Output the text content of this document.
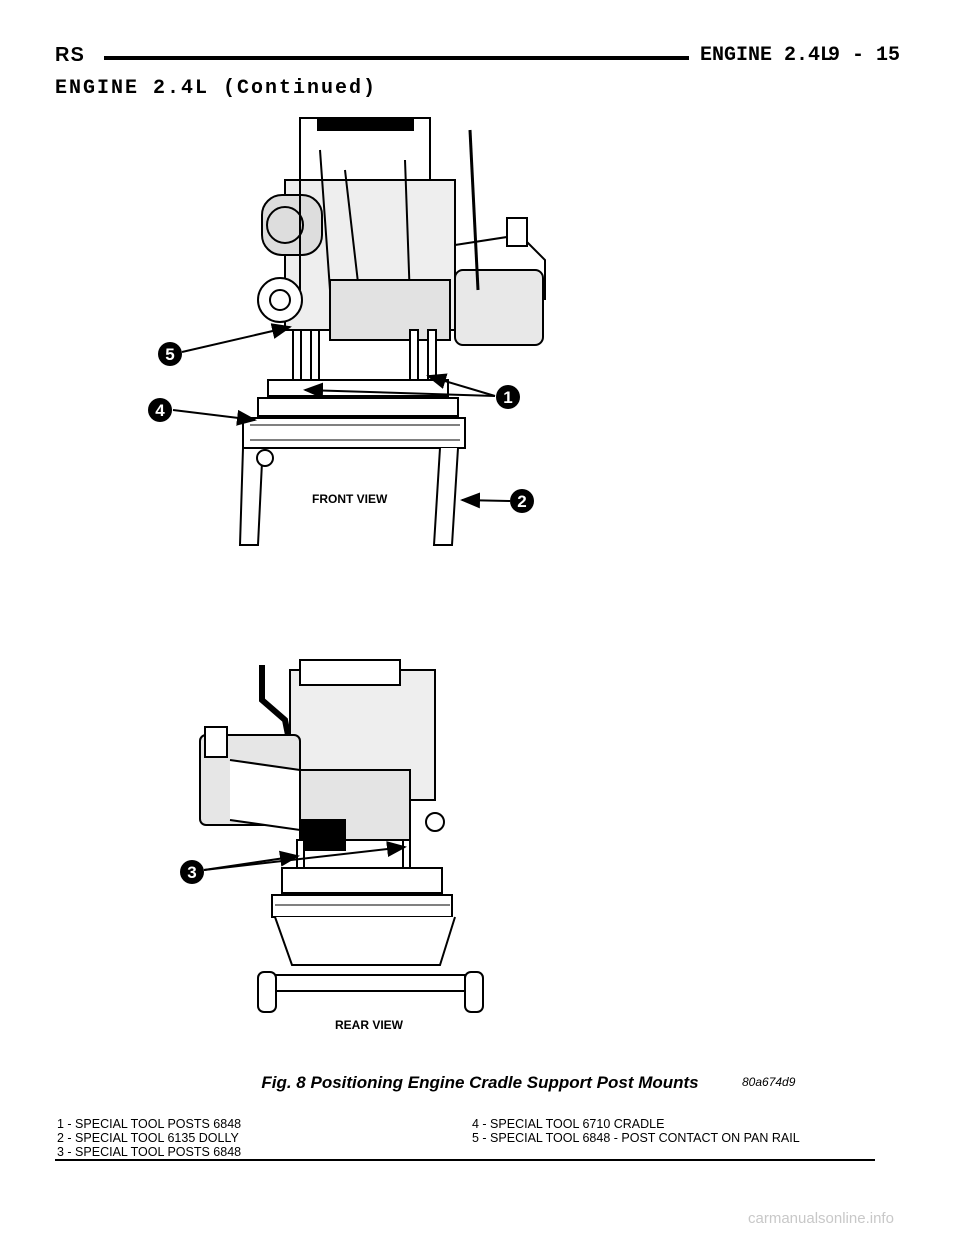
RS	ENGINE 2.4L
9 - 15
ENGINE 2.4L (Continued)
5
4
1
2
3
FRONT VIEW
REAR VIEW
80a674d9
Fig. 8 Positioning Engine Cradle Support Post Mounts
1 - SPECIAL TOOL POSTS 6848
2 - SPECIAL TOOL 6135 DOLLY
3 - SPECIAL TOOL POSTS 6848
4 - SPECIAL TOOL 6710 CRADLE
5 - SPECIAL TOOL 6848 - POST CONTACT ON PAN RAIL
carmanualsonline.info
